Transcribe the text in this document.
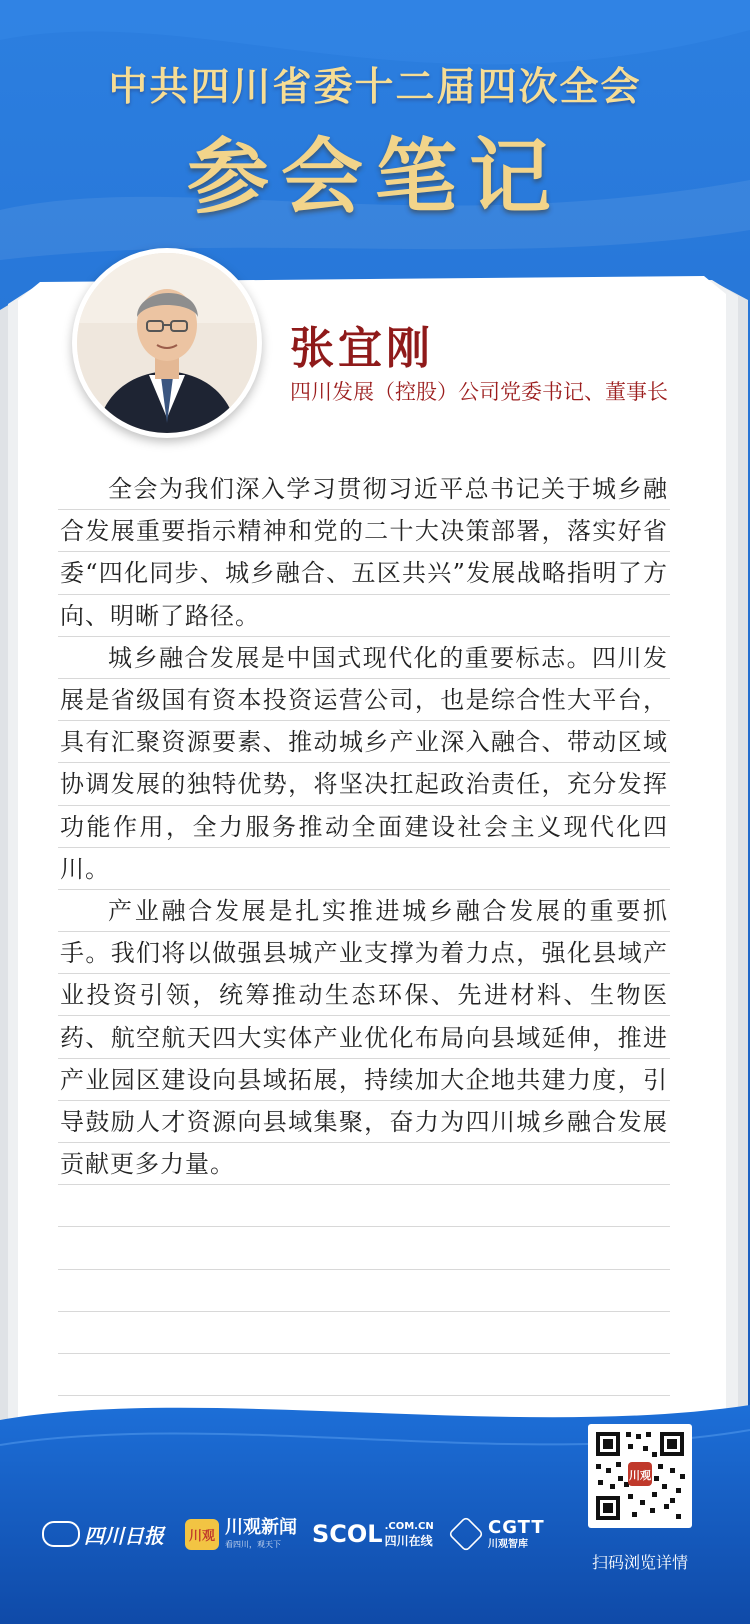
中共四川省委十二届四次全会
参会笔记
张宜刚
四川发展（控股）公司党委书记、董事长

全会为我们深入学习贯彻习近平总书记关于城乡融合发展重要指示精神和党的二十大决策部署，落实好省委“四化同步、城乡融合、五区共兴”发展战略指明了方向、明晰了路径。

城乡融合发展是中国式现代化的重要标志。四川发展是省级国有资本投资运营公司，也是综合性大平台，具有汇聚资源要素、推动城乡产业深入融合、带动区域协调发展的独特优势，将坚决扛起政治责任，充分发挥功能作用，全力服务推动全面建设社会主义现代化四川。

产业融合发展是扎实推进城乡融合发展的重要抓手。我们将以做强县城产业支撑为着力点，强化县域产业投资引领，统筹推动生态环保、先进材料、生物医药、航空航天四大实体产业优化布局向县域延伸，推进产业园区建设向县域拓展，持续加大企地共建力度，引导鼓励人才资源向县域集聚，奋力为四川城乡融合发展贡献更多力量。

四川日报	川观 川观新闻
看四川，观天下	SCOL .COM.CN
四川在线
CGTT
川观智库
川观
扫码浏览详情
